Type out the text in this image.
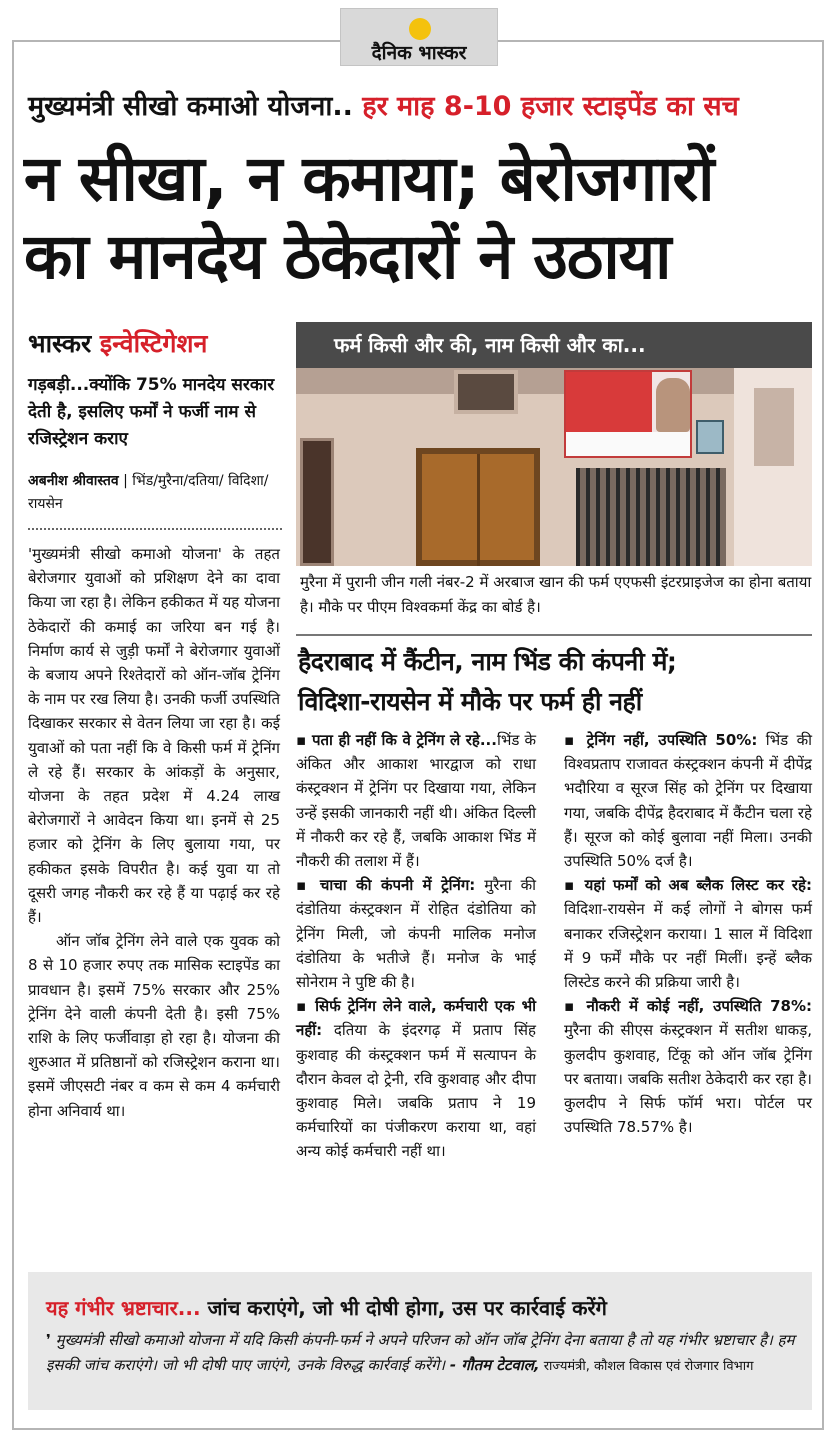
दैनिक भास्कर
मुख्यमंत्री सीखो कमाओ योजना.. हर माह 8-10 हजार स्टाइपेंड का सच
न सीखा, न कमाया; बेरोजगारों
का मानदेय ठेकेदारों ने उठाया
भास्कर इन्वेस्टिगेशन
गड़बड़ी...क्योंकि 75% मानदेय सरकार देती है, इसलिए फर्मों ने फर्जी नाम से रजिस्ट्रेशन कराए
अबनीश श्रीवास्तव | भिंड/मुरैना/दतिया/ विदिशा/रायसेन

'मुख्यमंत्री सीखो कमाओ योजना' के तहत बेरोजगार युवाओं को प्रशिक्षण देने का दावा किया जा रहा है। लेकिन हकीकत में यह योजना ठेकेदारों की कमाई का जरिया बन गई है। निर्माण कार्य से जुड़ी फर्मों ने बेरोजगार युवाओं के बजाय अपने रिश्तेदारों को ऑन-जॉब ट्रेनिंग के नाम पर रख लिया है। उनकी फर्जी उपस्थिति दिखाकर सरकार से वेतन लिया जा रहा है। कई युवाओं को पता नहीं कि वे किसी फर्म में ट्रेनिंग ले रहे हैं। सरकार के आंकड़ों के अनुसार, योजना के तहत प्रदेश में 4.24 लाख बेरोजगारों ने आवेदन किया था। इनमें से 25 हजार को ट्रेनिंग के लिए बुलाया गया, पर हकीकत इसके विपरीत है। कई युवा या तो दूसरी जगह नौकरी कर रहे हैं या पढ़ाई कर रहे हैं।

ऑन जॉब ट्रेनिंग लेने वाले एक युवक को 8 से 10 हजार रुपए तक मासिक स्टाइपेंड का प्रावधान है। इसमें 75% सरकार और 25% ट्रेनिंग देने वाली कंपनी देती है। इसी 75% राशि के लिए फर्जीवाड़ा हो रहा है। योजना की शुरुआत में प्रतिष्ठानों को रजिस्ट्रेशन कराना था। इसमें जीएसटी नंबर व कम से कम 4 कर्मचारी होना अनिवार्य था।

फर्म किसी और की, नाम किसी और का...
मुरैना में पुरानी जीन गली नंबर-2 में अरबाज खान की फर्म एएफसी इंटरप्राइजेज का होना बताया है। मौके पर पीएम विश्वकर्मा केंद्र का बोर्ड है।
हैदराबाद में कैंटीन, नाम भिंड की कंपनी में;
विदिशा-रायसेन में मौके पर फर्म ही नहीं

▪ पता ही नहीं कि वे ट्रेनिंग ले रहे...भिंड के अंकित और आकाश भारद्वाज को राधा कंस्ट्रक्शन में ट्रेनिंग पर दिखाया गया, लेकिन उन्हें इसकी जानकारी नहीं थी। अंकित दिल्ली में नौकरी कर रहे हैं, जबकि आकाश भिंड में नौकरी की तलाश में हैं।

▪ चाचा की कंपनी में ट्रेनिंग: मुरैना की दंडोतिया कंस्ट्रक्शन में रोहित दंडोतिया को ट्रेनिंग मिली, जो कंपनी मालिक मनोज दंडोतिया के भतीजे हैं। मनोज के भाई सोनेराम ने पुष्टि की है।

▪ सिर्फ ट्रेनिंग लेने वाले, कर्मचारी एक भी नहीं: दतिया के इंदरगढ़ में प्रताप सिंह कुशवाह की कंस्ट्रक्शन फर्म में सत्यापन के दौरान केवल दो ट्रेनी, रवि कुशवाह और दीपा कुशवाह मिले। जबकि प्रताप ने 19 कर्मचारियों का पंजीकरण कराया था, वहां अन्य कोई कर्मचारी नहीं था।

▪ ट्रेनिंग नहीं, उपस्थिति 50%: भिंड की विश्वप्रताप राजावत कंस्ट्रक्शन कंपनी में दीपेंद्र भदौरिया व सूरज सिंह को ट्रेनिंग पर दिखाया गया, जबकि दीपेंद्र हैदराबाद में कैंटीन चला रहे हैं। सूरज को कोई बुलावा नहीं मिला। उनकी उपस्थिति 50% दर्ज है।

▪ यहां फर्मों को अब ब्लैक लिस्ट कर रहे: विदिशा-रायसेन में कई लोगों ने बोगस फर्म बनाकर रजिस्ट्रेशन कराया। 1 साल में विदिशा में 9 फर्में मौके पर नहीं मिलीं। इन्हें ब्लैक लिस्टेड करने की प्रक्रिया जारी है।

▪ नौकरी में कोई नहीं, उपस्थिति 78%: मुरैना की सीएस कंस्ट्रक्शन में सतीश धाकड़, कुलदीप कुशवाह, टिंकू को ऑन जॉब ट्रेनिंग पर बताया। जबकि सतीश ठेकेदारी कर रहा है। कुलदीप ने सिर्फ फॉर्म भरा। पोर्टल पर उपस्थिति 78.57% है।

यह गंभीर भ्रष्टाचार... जांच कराएंगे, जो भी दोषी होगा, उस पर कार्रवाई करेंगे
❜ मुख्यमंत्री सीखो कमाओ योजना में यदि किसी कंपनी-फर्म ने अपने परिजन को ऑन जॉब ट्रेनिंग देना बताया है तो यह गंभीर भ्रष्टाचार है। हम इसकी जांच कराएंगे। जो भी दोषी पाए जाएंगे, उनके विरुद्ध कार्रवाई करेंगे। - गौतम टेटवाल, राज्यमंत्री, कौशल विकास एवं रोजगार विभाग
